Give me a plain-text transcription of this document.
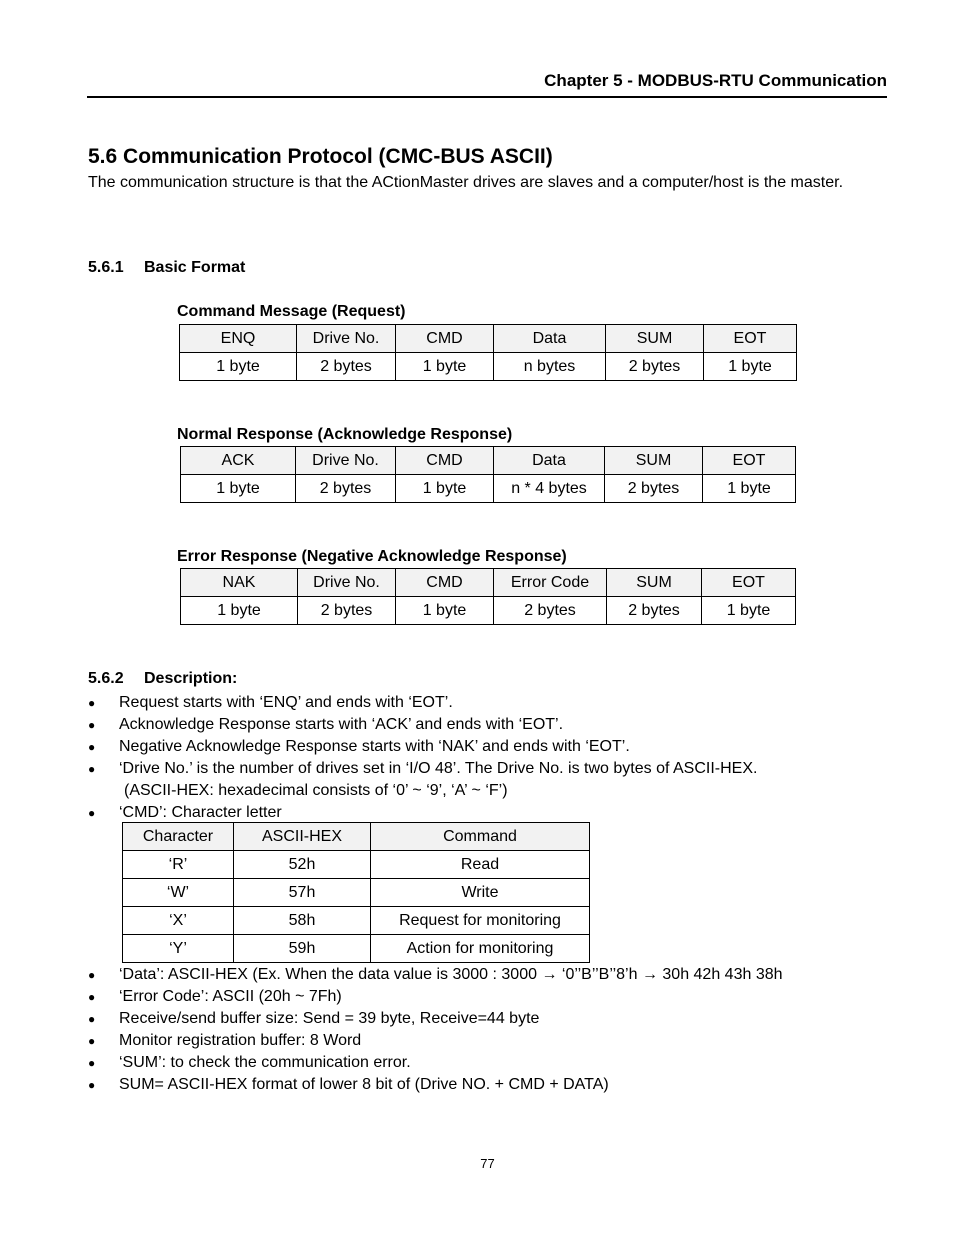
Chapter 5 - MODBUS-RTU Communication
5.6 Communication Protocol (CMC-BUS ASCII)
The communication structure is that the ACtionMaster drives are slaves and a computer/host is the master.
5.6.1 Basic Format
Command Message (Request)
ENQ	Drive No.	CMD	Data	SUM	EOT
1 byte	2 bytes	1 byte	n bytes	2 bytes	1 byte
Normal Response (Acknowledge Response)
ACK	Drive No.	CMD	Data	SUM	EOT
1 byte	2 bytes	1 byte	n * 4 bytes	2 bytes	1 byte
Error Response (Negative Acknowledge Response)
NAK	Drive No.	CMD	Error Code	SUM	EOT
1 byte	2 bytes	1 byte	2 bytes	2 bytes	1 byte
5.6.2 Description:
● Request starts with ‘ENQ’ and ends with ‘EOT’.
● Acknowledge Response starts with ‘ACK’ and ends with ‘EOT’.
● Negative Acknowledge Response starts with ‘NAK’ and ends with ‘EOT’.
● ‘Drive No.’ is the number of drives set in ‘I/O 48’. The Drive No. is two bytes of ASCII-HEX.
(ASCII-HEX: hexadecimal consists of ‘0’ ~ ‘9’, ‘A’ ~ ‘F’)
● ‘CMD’: Character letter
Character	ASCII-HEX	Command
‘R’	52h	Read
‘W’	57h	Write
‘X’	58h	Request for monitoring
‘Y’	59h	Action for monitoring
● ‘Data’: ASCII-HEX (Ex. When the data value is 3000 : 3000 → ‘0’’B’’B’’8’h → 30h 42h 43h 38h
● ‘Error Code’: ASCII (20h ~ 7Fh)
● Receive/send buffer size: Send = 39 byte, Receive=44 byte
● Monitor registration buffer: 8 Word
● ‘SUM’: to check the communication error.
● SUM= ASCII-HEX format of lower 8 bit of (Drive NO. + CMD + DATA)
77
